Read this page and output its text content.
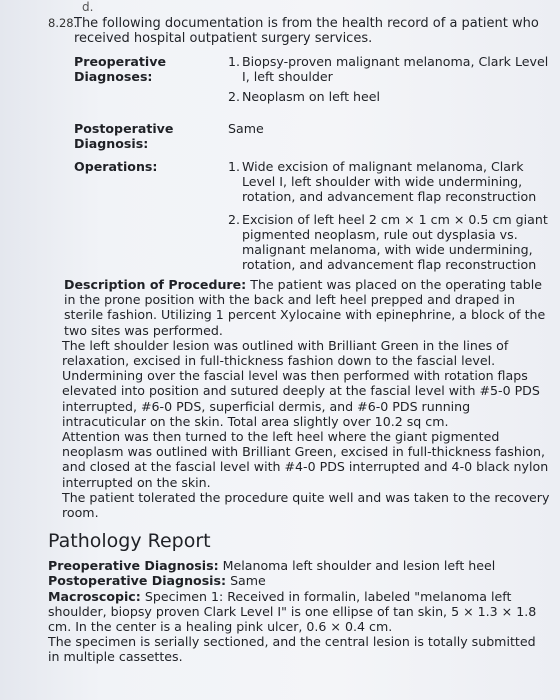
d.
8.28.
The following documentation is from the health record of a patient who received hospital outpatient surgery services.
Preoperative Diagnoses:
1. Biopsy-proven malignant melanoma, Clark Level I, left shoulder
2. Neoplasm on left heel
Postoperative Diagnosis:
Same
Operations:	1. Wide excision of malignant melanoma, Clark Level I, left shoulder with wide undermining, rotation, and advancement flap reconstruction
2. Excision of left heel 2 cm × 1 cm × 0.5 cm giant pigmented neoplasm, rule out dysplasia vs. malignant melanoma, with wide undermining, rotation, and advancement flap reconstruction

Description of Procedure: The patient was placed on the operating table in the prone position with the back and left heel prepped and draped in sterile fashion. Utilizing 1 percent Xylocaine with epinephrine, a block of the two sites was performed.

The left shoulder lesion was outlined with Brilliant Green in the lines of relaxation, excised in full-thickness fashion down to the fascial level. Undermining over the fascial level was then performed with rotation flaps elevated into position and sutured deeply at the fascial level with #5-0 PDS interrupted, #6-0 PDS, superficial dermis, and #6-0 PDS running intracuticular on the skin. Total area slightly over 10.2 sq cm.

Attention was then turned to the left heel where the giant pigmented neoplasm was outlined with Brilliant Green, excised in full-thickness fashion, and closed at the fascial level with #4-0 PDS interrupted and 4-0 black nylon interrupted on the skin.

The patient tolerated the procedure quite well and was taken to the recovery room.

Pathology Report

Preoperative Diagnosis: Melanoma left shoulder and lesion left heel

Postoperative Diagnosis: Same

Macroscopic: Specimen 1: Received in formalin, labeled "melanoma left shoulder, biopsy proven Clark Level I" is one ellipse of tan skin, 5 × 1.3 × 1.8 cm. In the center is a healing pink ulcer, 0.6 × 0.4 cm.

The specimen is serially sectioned, and the central lesion is totally submitted in multiple cassettes.
